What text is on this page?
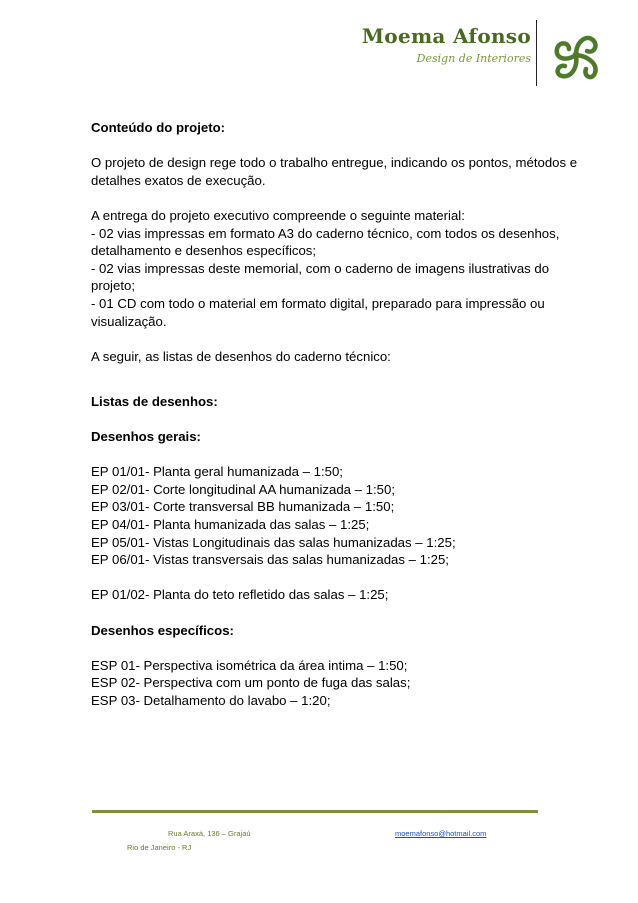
Moema Afonso
Design de Interiores
Conteúdo do projeto:
O projeto de design rege todo o trabalho entregue, indicando os pontos, métodos e
detalhes exatos de execução.
A entrega do projeto executivo compreende o seguinte material:
- 02 vias impressas em formato A3 do caderno técnico, com todos os desenhos,
detalhamento e desenhos específicos;
- 02 vias impressas deste memorial, com o caderno de imagens ilustrativas do
projeto;
- 01 CD com todo o material em formato digital, preparado para impressão ou
visualização.
A seguir, as listas de desenhos do caderno técnico:
Listas de desenhos:
Desenhos gerais:
EP 01/01- Planta geral humanizada – 1:50;
EP 02/01- Corte longitudinal AA humanizada – 1:50;
EP 03/01- Corte transversal BB humanizada – 1:50;
EP 04/01- Planta humanizada das salas – 1:25;
EP 05/01- Vistas Longitudinais das salas humanizadas – 1:25;
EP 06/01- Vistas transversais das salas humanizadas – 1:25;
EP 01/02- Planta do teto refletido das salas – 1:25;
Desenhos específicos:
ESP 01- Perspectiva isométrica da área intima – 1:50;
ESP 02- Perspectiva com um ponto de fuga das salas;
ESP 03- Detalhamento do lavabo – 1:20;
Rua Araxá, 136 – Grajaú
Rio de Janeiro - RJ
moemafonso@hotmail.com
